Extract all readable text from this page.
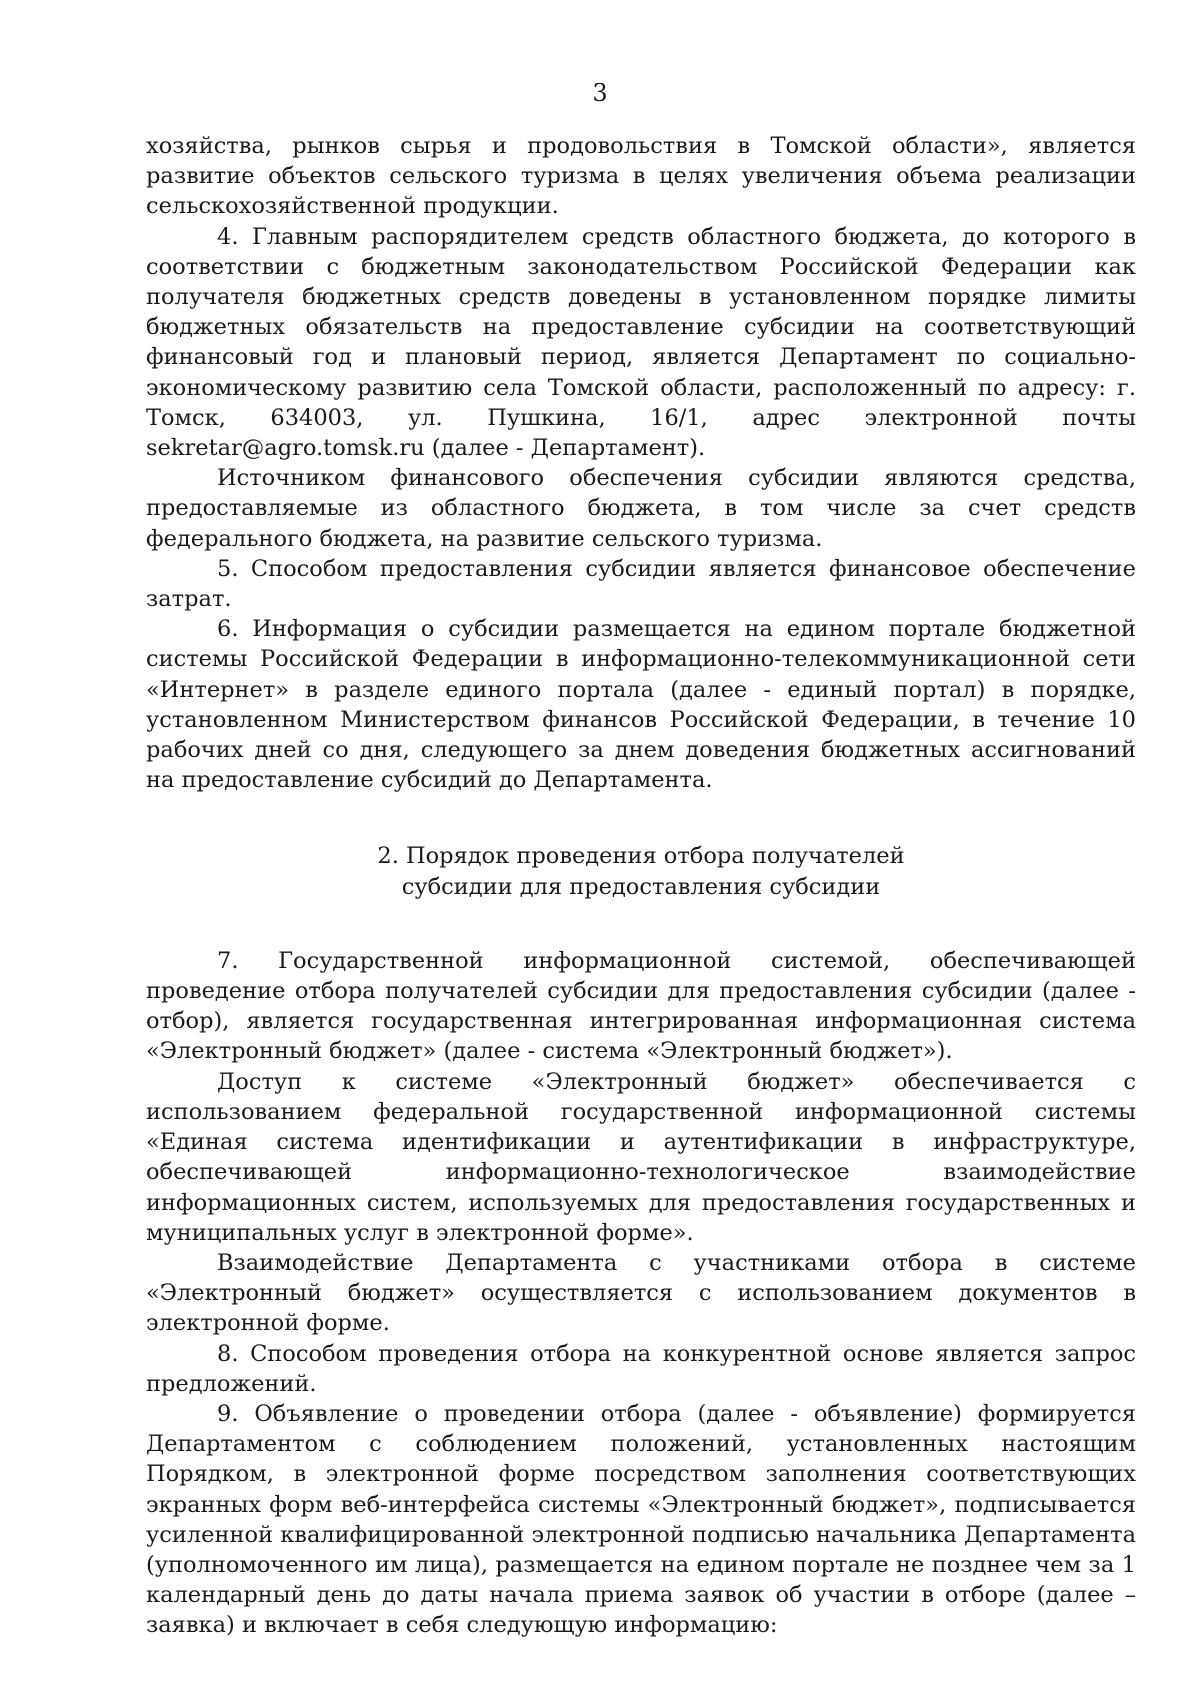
3

хозяйства, рынков сырья и продовольствия в Томской области», является развитие объектов сельского туризма в целях увеличения объема реализации сельскохозяйственной продукции.

4. Главным распорядителем средств областного бюджета, до которого в соответствии с бюджетным законодательством Российской Федерации как получателя бюджетных средств доведены в установленном порядке лимиты бюджетных обязательств на предоставление субсидии на соответствующий финансовый год и плановый период, является Департамент по социально-экономическому развитию села Томской области, расположенный по адресу: г. Томск, 634003, ул. Пушкина, 16/1, адрес электронной почты sekretar@agro.tomsk.ru (далее - Департамент).

Источником финансового обеспечения субсидии являются средства, предоставляемые из областного бюджета, в том числе за счет средств федерального бюджета, на развитие сельского туризма.

5. Способом предоставления субсидии является финансовое обеспечение затрат.

6. Информация о субсидии размещается на едином портале бюджетной системы Российской Федерации в информационно-телекоммуникационной сети «Интернет» в разделе единого портала (далее - единый портал) в порядке, установленном Министерством финансов Российской Федерации, в течение 10 рабочих дней со дня, следующего за днем доведения бюджетных ассигнований на предоставление субсидий до Департамента.

2. Порядок проведения отбора получателей
субсидии для предоставления субсидии

7. Государственной информационной системой, обеспечивающей проведение отбора получателей субсидии для предоставления субсидии (далее - отбор), является государственная интегрированная информационная система «Электронный бюджет» (далее - система «Электронный бюджет»).

Доступ к системе «Электронный бюджет» обеспечивается с использованием федеральной государственной информационной системы «Единая система идентификации и аутентификации в инфраструктуре, обеспечивающей информационно-технологическое взаимодействие информационных систем, используемых для предоставления государственных и муниципальных услуг в электронной форме».

Взаимодействие Департамента с участниками отбора в системе «Электронный бюджет» осуществляется с использованием документов в электронной форме.

8. Способом проведения отбора на конкурентной основе является запрос предложений.

9. Объявление о проведении отбора (далее - объявление) формируется Департаментом с соблюдением положений, установленных настоящим Порядком, в электронной форме посредством заполнения соответствующих экранных форм веб-интерфейса системы «Электронный бюджет», подписывается усиленной квалифицированной электронной подписью начальника Департамента (уполномоченного им лица), размещается на едином портале не позднее чем за 1 календарный день до даты начала приема заявок об участии в отборе (далее – заявка) и включает в себя следующую информацию:
